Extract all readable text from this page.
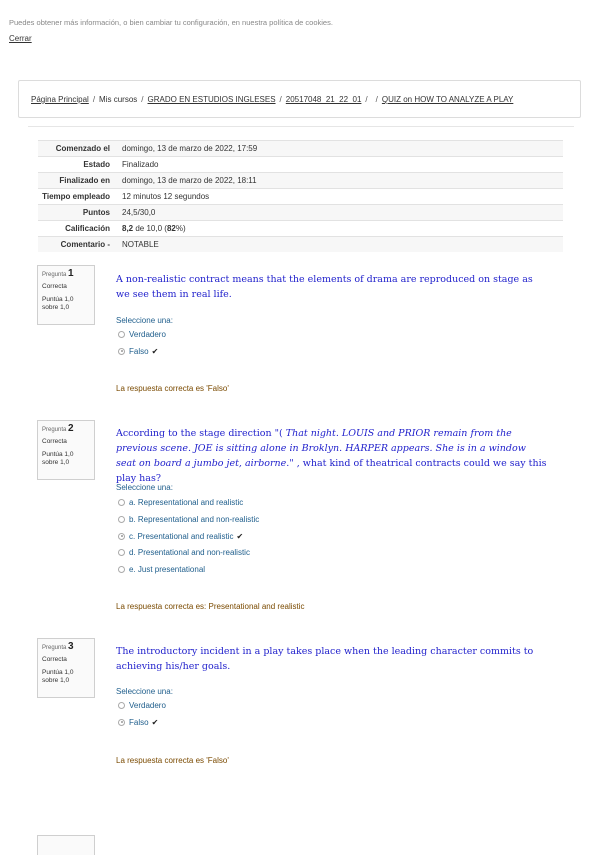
Puedes obtener más información, o bien cambiar tu configuración, en nuestra política de cookies.
Cerrar
Página Principal / Mis cursos / GRADO EN ESTUDIOS INGLESES / 20517048_21_22_01 / / QUIZ on HOW TO ANALYZE A PLAY
Comenzado el	domingo, 13 de marzo de 2022, 17:59
Estado	Finalizado
Finalizado en	domingo, 13 de marzo de 2022, 18:11
Tiempo empleado	12 minutos 12 segundos
Puntos	24,5/30,0
Calificación	8,2 de 10,0 (82%)
Comentario -	NOTABLE
Pregunta 1
Correcta
Puntúa 1,0 sobre 1,0
A non-realistic contract means that the elements of drama are reproduced on stage as we see them in real life.
Seleccione una:
Verdadero
Falso ✔
La respuesta correcta es 'Falso'
Pregunta 2
Correcta
Puntúa 1,0 sobre 1,0
According to the stage direction "( That night. LOUIS and PRIOR remain from the previous scene. JOE is sitting alone in Broklyn. HARPER appears. She is in a window seat on board a jumbo jet, airborne." , what kind of theatrical contracts could we say this play has?
Seleccione una:
a. Representational and realistic
b. Representational and non-realistic
c. Presentational and realistic ✔
d. Presentational and non-realistic
e. Just presentational
La respuesta correcta es: Presentational and realistic
Pregunta 3
Correcta
Puntúa 1,0 sobre 1,0
The introductory incident in a play takes place when the leading character commits to achieving his/her goals.
Seleccione una:
Verdadero
Falso ✔
La respuesta correcta es 'Falso'
